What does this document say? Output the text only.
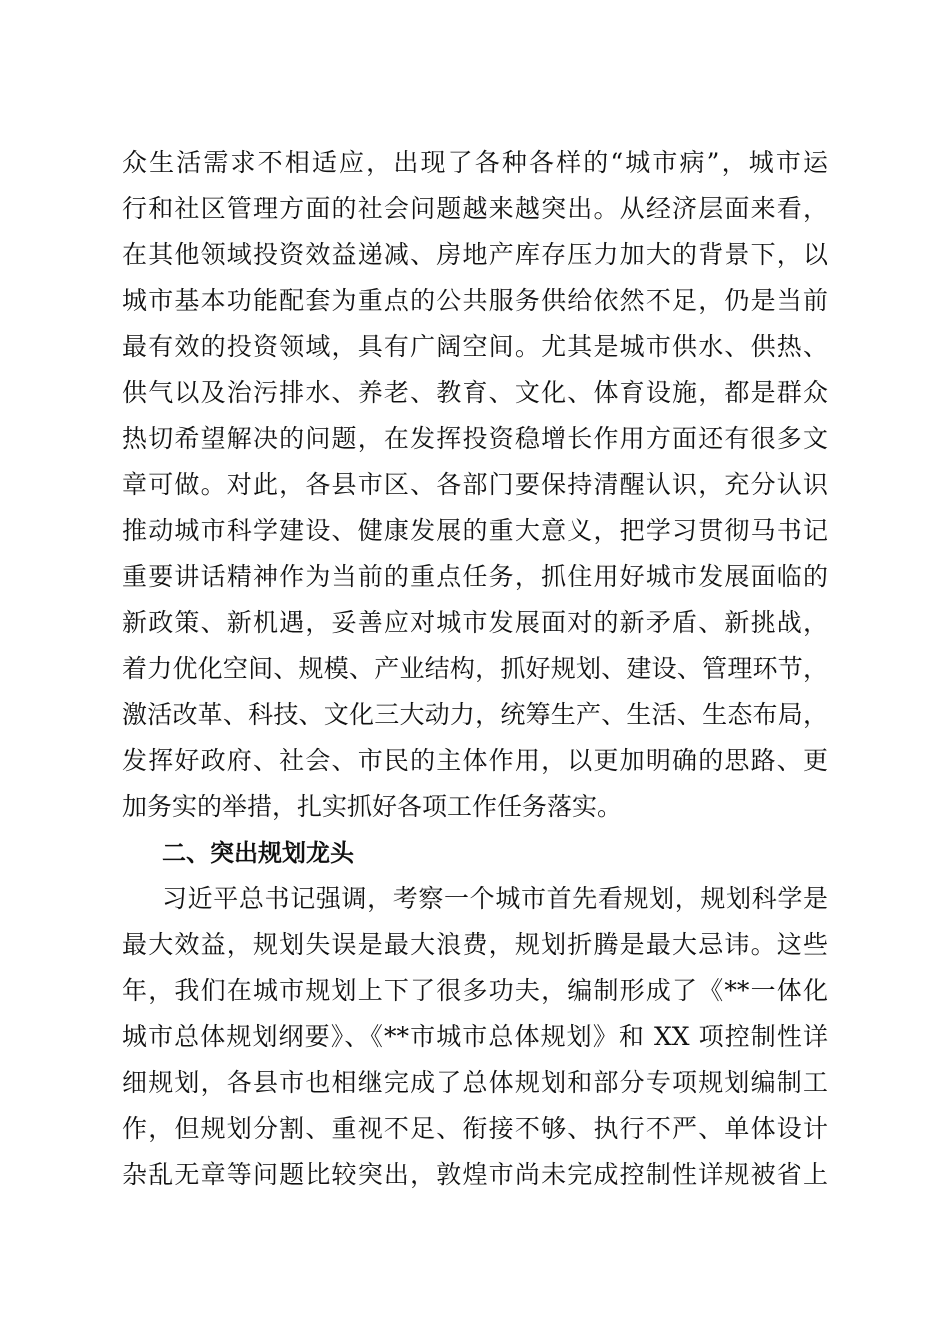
众生活需求不相适应，出现了各种各样的“城市病”，城市运
行和社区管理方面的社会问题越来越突出。从经济层面来看，
在其他领域投资效益递减、房地产库存压力加大的背景下，以
城市基本功能配套为重点的公共服务供给依然不足，仍是当前
最有效的投资领域，具有广阔空间。尤其是城市供水、供热、
供气以及治污排水、养老、教育、文化、体育设施，都是群众
热切希望解决的问题，在发挥投资稳增长作用方面还有很多文
章可做。对此，各县市区、各部门要保持清醒认识，充分认识
推动城市科学建设、健康发展的重大意义，把学习贯彻马书记
重要讲话精神作为当前的重点任务，抓住用好城市发展面临的
新政策、新机遇，妥善应对城市发展面对的新矛盾、新挑战，
着力优化空间、规模、产业结构，抓好规划、建设、管理环节，
激活改革、科技、文化三大动力，统筹生产、生活、生态布局，
发挥好政府、社会、市民的主体作用，以更加明确的思路、更
加务实的举措，扎实抓好各项工作任务落实。
二、突出规划龙头
习近平总书记强调，考察一个城市首先看规划，规划科学是
最大效益，规划失误是最大浪费，规划折腾是最大忌讳。这些
年，我们在城市规划上下了很多功夫，编制形成了《**一体化
城市总体规划纲要》、《**市城市总体规划》和 XX 项控制性详
细规划，各县市也相继完成了总体规划和部分专项规划编制工
作，但规划分割、重视不足、衔接不够、执行不严、单体设计
杂乱无章等问题比较突出，敦煌市尚未完成控制性详规被省上
